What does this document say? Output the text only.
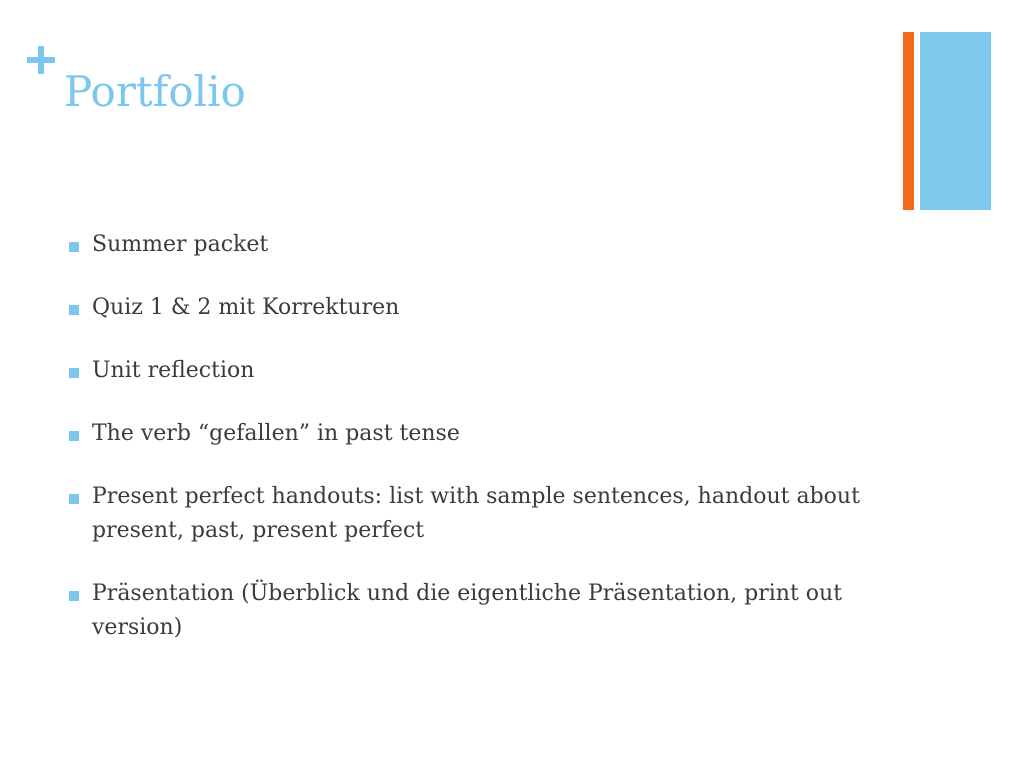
Portfolio
Summer packet
Quiz 1 & 2 mit Korrekturen
Unit reflection
The verb “gefallen” in past tense
Present perfect handouts: list with sample sentences, handout about present, past, present perfect
Präsentation (Überblick und die eigentliche Präsentation, print out version)
